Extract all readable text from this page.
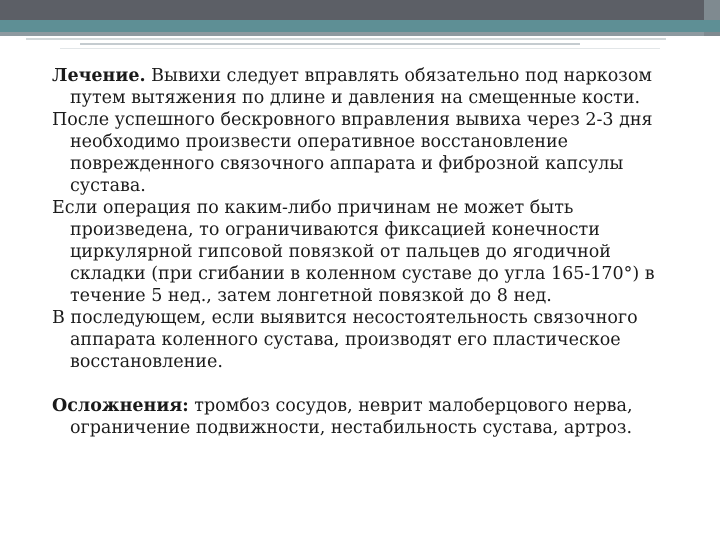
Лечение. Вывихи следует вправлять обязательно под наркозом путем вытяжения по длине и давления на смещенные кости.

После успешного бескровного вправления вывиха через 2-3 дня необходимо произвести оперативное восстановление поврежденного связочного аппарата и фиброзной капсулы сустава.

Если операция по каким-либо причинам не может быть произведена, то ограничиваются фиксацией конечности циркулярной гипсовой повязкой от пальцев до ягодичной складки (при сгибании в коленном суставе до угла 165-170°) в течение 5 нед., затем лонгетной повязкой до 8 нед.

В последующем, если выявится несостоятельность связочного аппарата коленного сустава, производят его пластическое восстановление.

Осложнения: тромбоз сосудов, неврит малоберцового нерва, ограничение подвижности, нестабильность сустава, артроз.
